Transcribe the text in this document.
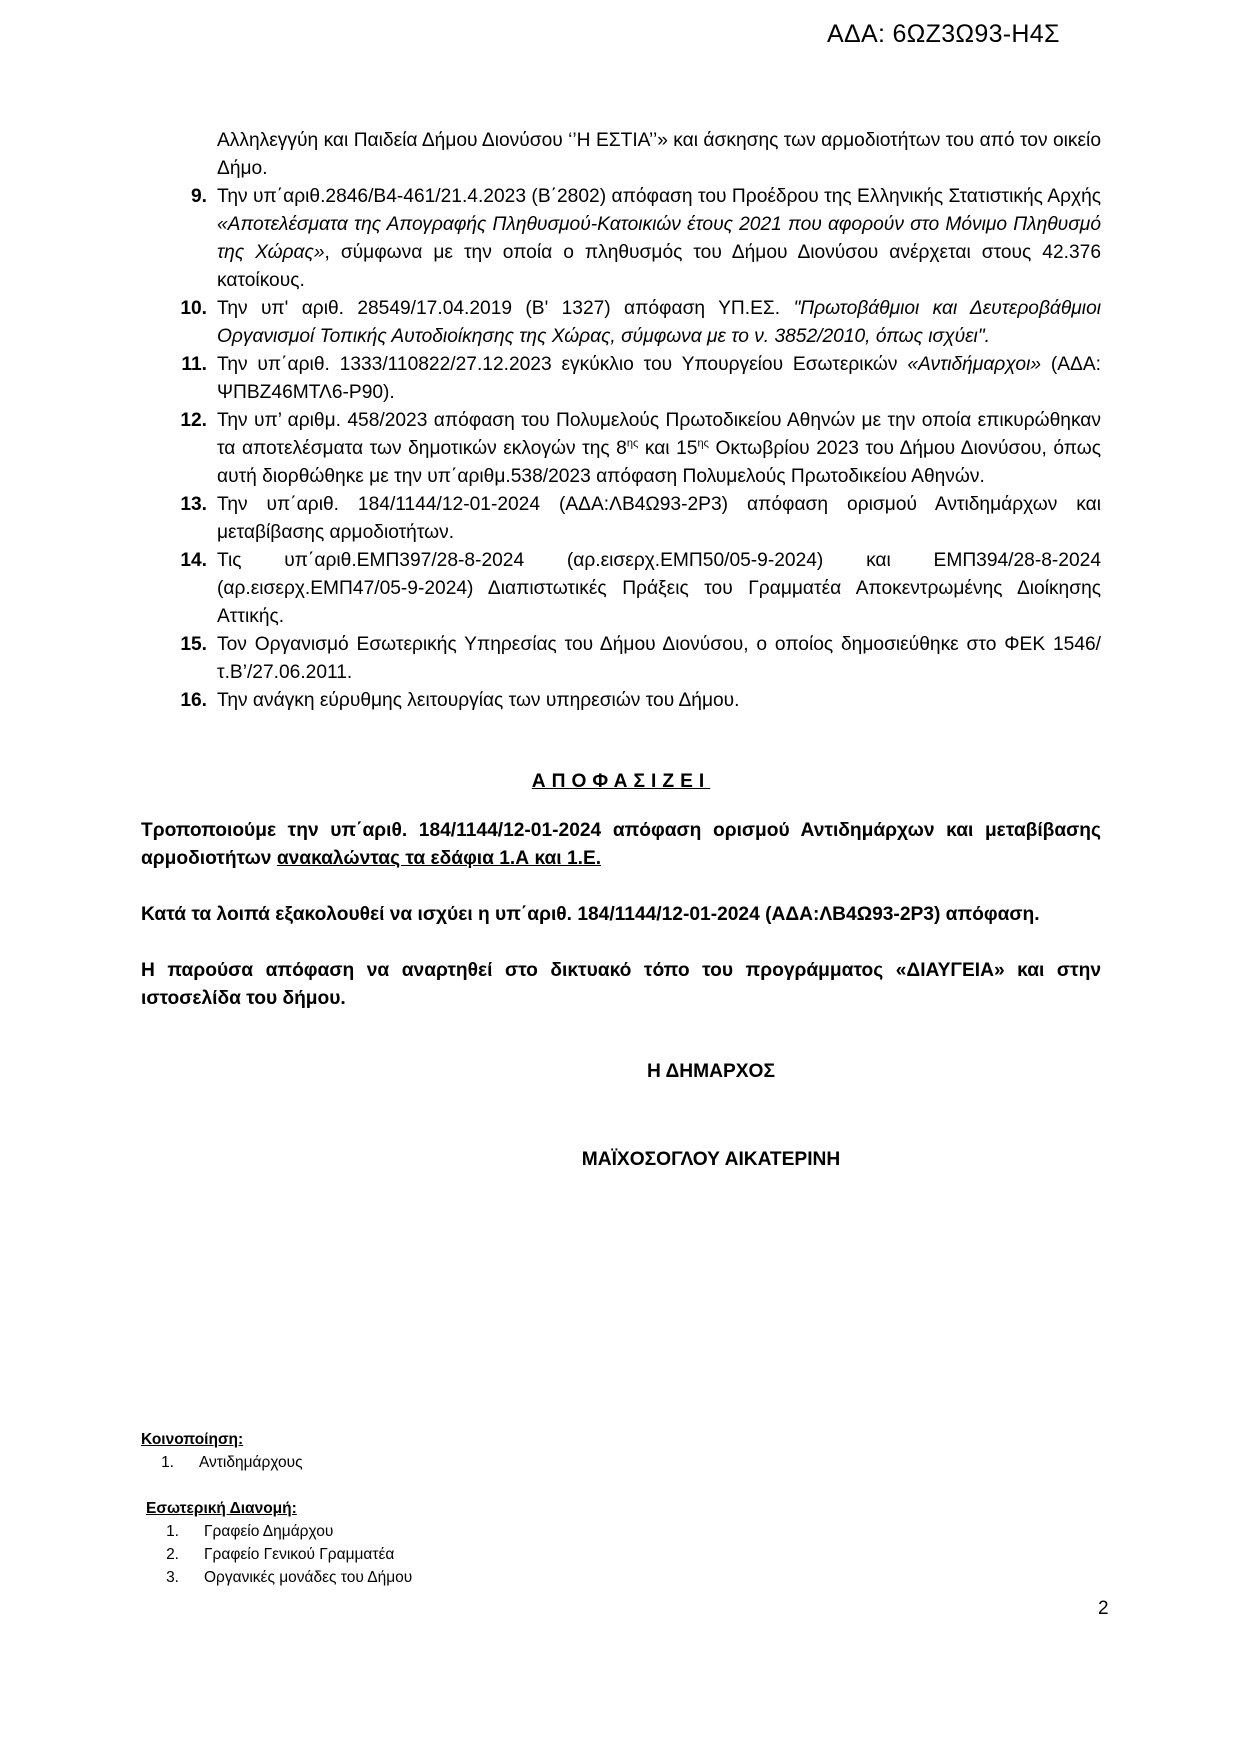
ΑΔΑ: 6ΩΖ3Ω93-Η4Σ
Αλληλεγγύη και Παιδεία Δήμου Διονύσου ‘’Η ΕΣΤΙΑ’’» και άσκησης των αρμοδιοτήτων του από τον οικείο Δήμο.
9. Την υπ΄αριθ.2846/Β4-461/21.4.2023 (Β΄2802) απόφαση του Προέδρου της Ελληνικής Στατιστικής Αρχής «Αποτελέσματα της Απογραφής Πληθυσμού-Κατοικιών έτους 2021 που αφορούν στο Μόνιμο Πληθυσμό της Χώρας», σύμφωνα με την οποία ο πληθυσμός του Δήμου Διονύσου ανέρχεται στους 42.376 κατοίκους.
10. Την υπ' αριθ. 28549/17.04.2019 (Β' 1327) απόφαση ΥΠ.ΕΣ. "Πρωτοβάθμιοι και Δευτεροβάθμιοι Οργανισμοί Τοπικής Αυτοδιοίκησης της Χώρας, σύμφωνα με το ν. 3852/2010, όπως ισχύει".
11. Την υπ΄αριθ. 1333/110822/27.12.2023 εγκύκλιο του Υπουργείου Εσωτερικών «Αντιδήμαρχοι» (ΑΔΑ: ΨΠΒΖ46ΜΤΛ6-Ρ90).
12. Την υπ’ αριθμ. 458/2023 απόφαση του Πολυμελούς Πρωτοδικείου Αθηνών με την οποία επικυρώθηκαν τα αποτελέσματα των δημοτικών εκλογών της $8^{\eta\varsigma}$ και $15^{\eta\varsigma}$ Οκτωβρίου 2023 του Δήμου Διονύσου, όπως αυτή διορθώθηκε με την υπ΄αριθμ.538/2023 απόφαση Πολυμελούς Πρωτοδικείου Αθηνών.
13. Την υπ΄αριθ. 184/1144/12-01-2024 (ΑΔΑ:ΛΒ4Ω93-2Ρ3) απόφαση ορισμού Αντιδημάρχων και μεταβίβασης αρμοδιοτήτων.
14. Τις υπ΄αριθ.ΕΜΠ397/28-8-2024 (αρ.εισερχ.ΕΜΠ50/05-9-2024) και ΕΜΠ394/28-8-2024 (αρ.εισερχ.ΕΜΠ47/05-9-2024) Διαπιστωτικές Πράξεις του Γραμματέα Αποκεντρωμένης Διοίκησης Αττικής.
15. Τον Οργανισμό Εσωτερικής Υπηρεσίας του Δήμου Διονύσου, ο οποίος δημοσιεύθηκε στο ΦΕΚ 1546/τ.Β’/27.06.2011.
16. Την ανάγκη εύρυθμης λειτουργίας των υπηρεσιών του Δήμου.
ΑΠΟΦΑΣΙΖΕΙ

Τροποποιούμε την υπ΄αριθ. 184/1144/12-01-2024 απόφαση ορισμού Αντιδημάρχων και μεταβίβασης αρμοδιοτήτων ανακαλώντας τα εδάφια 1.Α και 1.Ε.

Κατά τα λοιπά εξακολουθεί να ισχύει η υπ΄αριθ. 184/1144/12-01-2024 (ΑΔΑ:ΛΒ4Ω93-2Ρ3) απόφαση.

Η παρούσα απόφαση να αναρτηθεί στο δικτυακό τόπο του προγράμματος «ΔΙΑΥΓΕΙΑ» και στην ιστοσελίδα του δήμου.

Η ΔΗΜΑΡΧΟΣ
ΜΑΪΧΟΣΟΓΛΟΥ ΑΙΚΑΤΕΡΙΝΗ
Κοινοποίηση:
1.	Αντιδημάρχους
Εσωτερική Διανομή:
1.	Γραφείο Δημάρχου
2.	Γραφείο Γενικού Γραμματέα
3.	Οργανικές μονάδες του Δήμου
2
